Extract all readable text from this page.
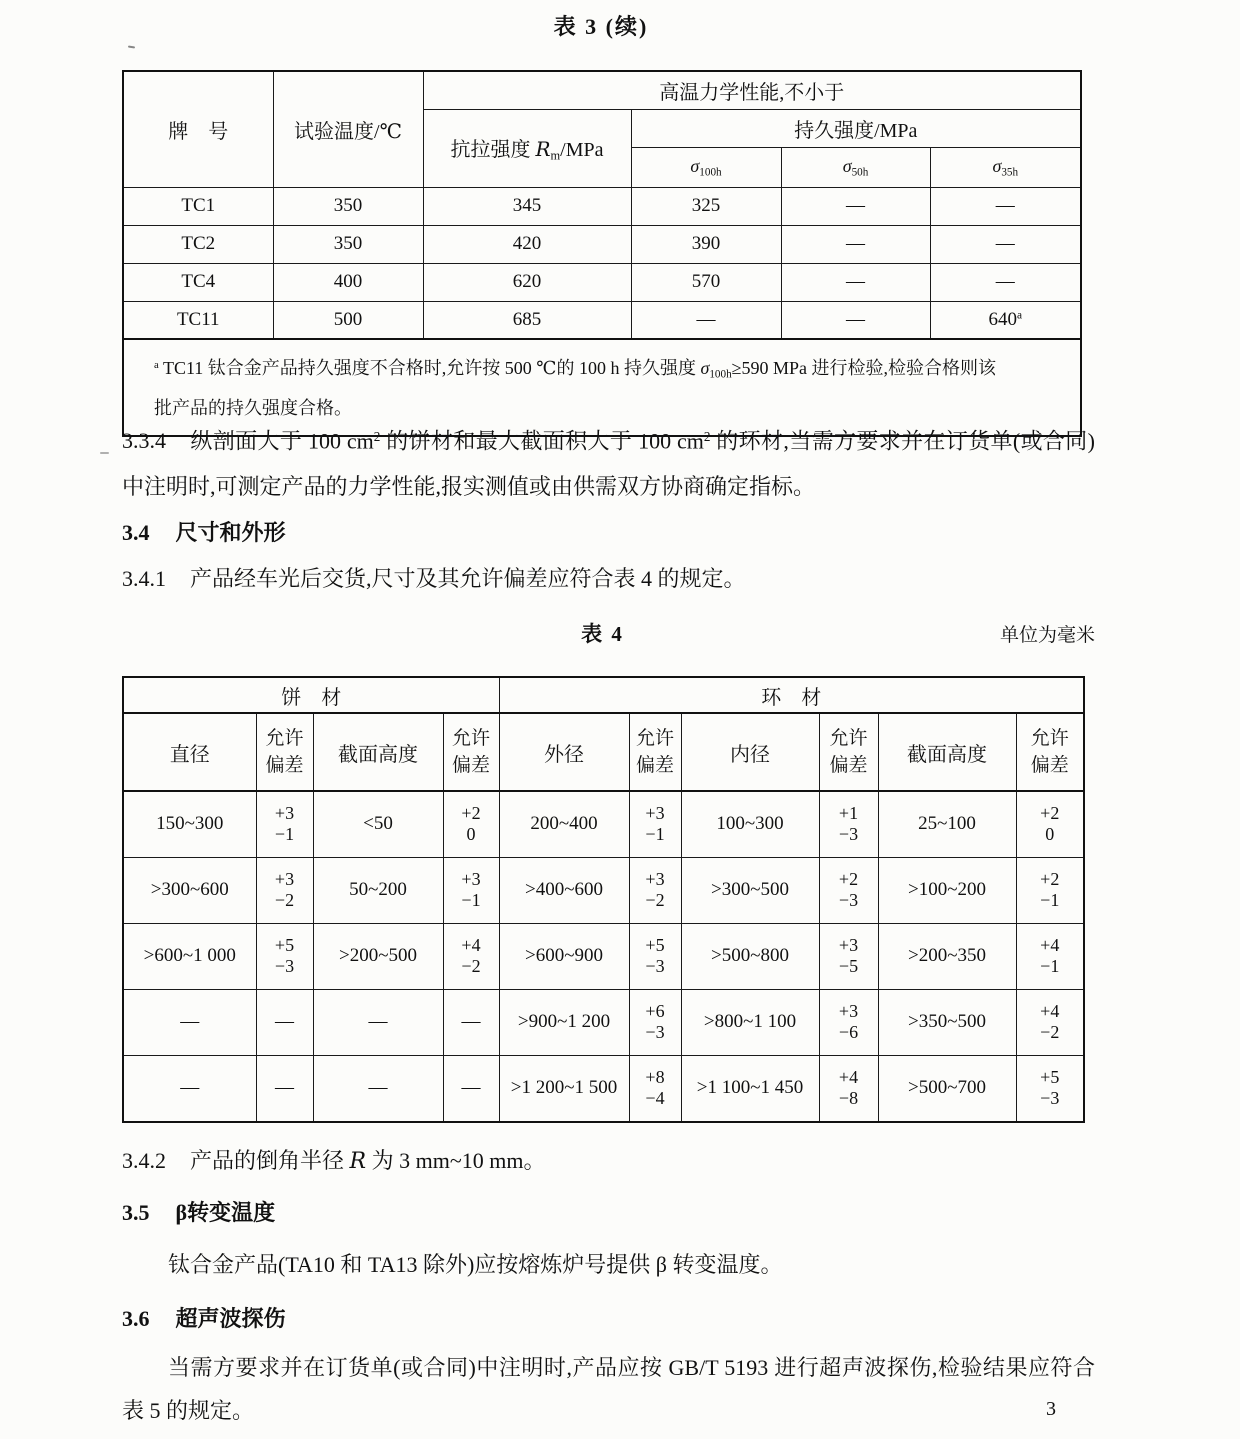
表 3 (续)
牌　号	试验温度/℃	高温力学性能,不小于			
		抗拉强度 $R_m$/MPa	持久强度/MPa		
			$\sigma_{100h}$	$\sigma_{50h}$	$\sigma_{35h}$
TC1	350	345	325	—	—
TC2	350	420	390	—	—
TC4	400	620	570	—	—
TC11	500	685	—	—	640$^a$

$^a$ TC11 钛合金产品持久强度不合格时,允许按 500 ℃的 100 h 持久强度 $\sigma_{100h}\ge 590$ MPa 进行检验,检验合格则该
批产品的持久强度合格。					

3.3.4 纵剖面大于 100 $cm^2$ 的饼材和最大截面积大于 100 $cm^2$ 的环材,当需方要求并在订货单(或合同)中注明时,可测定产品的力学性能,报实测值或由供需双方协商确定指标。

3.4 尺寸和外形

3.4.1 产品经车光后交货,尺寸及其允许偏差应符合表 4 的规定。

表 4	单位为毫米
饼　材				环　材					
直径	
允许
偏差	截面高度	
允许
偏差	外径	
允许
偏差	内径	
允许
偏差	截面高度	
允许
偏差

150~300	+3
−1	<50	+2
0	200~400	+3
−1	100~300	+1
−3	25~100	+2
0

>300~600	+3
−2	50~200	+3
−1	>400~600	+3
−2	>300~500	+2
−3	>100~200	+2
−1

>600~1 000	+5
−3	>200~500	+4
−2	>600~900	+5
−3	>500~800	+3
−5	>200~350	+4
−1

—	—	—	—	>900~1 200	+6
−3	>800~1 100	+3
−6	>350~500	+4
−2

—	—	—	—	>1 200~1 500	+8
−4	>1 100~1 450	+4
−8	>500~700	+5
−3

3.4.2 产品的倒角半径 R 为 3 mm~10 mm。

3.5 β转变温度

钛合金产品(TA10 和 TA13 除外)应按熔炼炉号提供 β 转变温度。

3.6 超声波探伤

当需方要求并在订货单(或合同)中注明时,产品应按 GB/T 5193 进行超声波探伤,检验结果应符合表 5 的规定。	3
